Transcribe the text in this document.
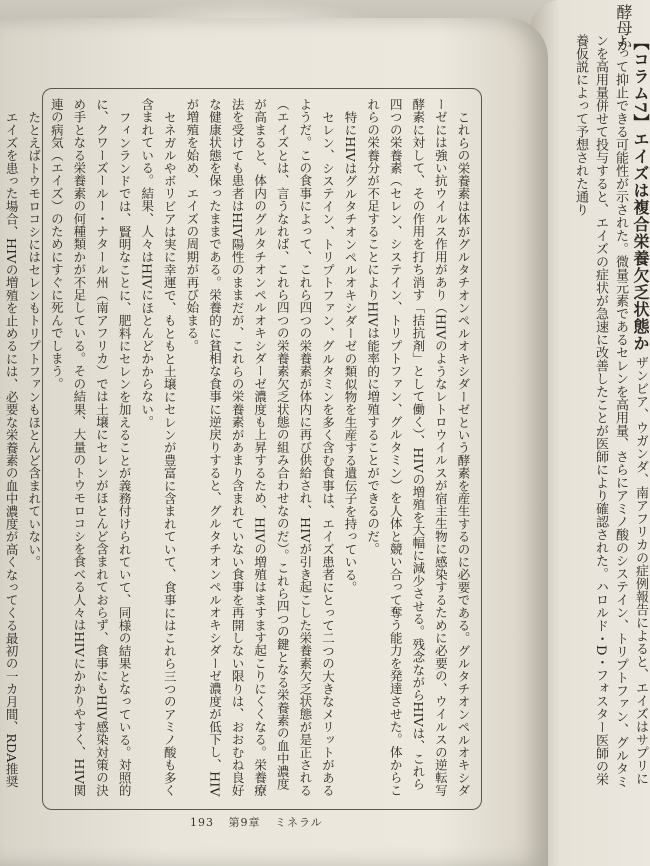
これらの栄養素は体がグルタチオンペルオキシダーゼという酵素を産生するのに必要である。グルタチオンペルオキシダーゼには強い抗ウイルス作用があり（HIVのようなレトロウイルスが宿主生物に感染するために必要の、ウイルスの逆転写酵素に対して、その作用を打ち消す「拮抗剤」として働く）、HIVの増殖を大幅に減少させる。残念ながらHIVは、これら四つの栄養素（セレン、システイン、トリプトファン、グルタミン）を人体と競い合って奪う能力を発達させた。体からこれらの栄養分が不足することによりHIVは能率的に増殖することができるのだ。

特にHIVはグルタチオンペルオキシダーゼの類似物を生産する遺伝子を持っている。

セレン、システイン、トリプトファン、グルタミンを多く含む食事は、エイズ患者にとって二つの大きなメリットがあるようだ。この食事によって、これら四つの栄養素が体内に再び供給され、HIVが引き起こした栄養素欠乏状態が是正される（エイズとは、言うなれば、これら四つの栄養素欠乏状態の組み合わせなのだ）。これら四つの鍵となる栄養素の血中濃度が高まると、体内のグルタチオンペルオキシダーゼ濃度も上昇するため、HIVの増殖はますます起こりにくくなる。栄養療法を受けても患者はHIV陽性のままだが、これらの栄養素があまり含まれていない食事を再開しない限りは、おおむね良好な健康状態を保ったままである。栄養的に貧相な食事に逆戻りすると、グルタチオンペルオキシダーゼ濃度が低下し、HIVが増殖を始め、エイズの周期が再び始まる。

セネガルやボリビアは実に幸運で、もともと土壌にセレンが豊富に含まれていて、食事にはこれら三つのアミノ酸も多く含まれている。結果、人々はHIVにほとんどかからない。

フィンランドでは、賢明なことに、肥料にセレンを加えることが義務付けられていて、同様の結果となっている。対照的に、クワーズールー・ナタール州（南アフリカ）では土壌にセレンがほとんど含まれておらず、食事にもHIV感染対策の決め手となる栄養素の何種類かが不足している。その結果、大量のトウモロコシを食べる人々はHIVにかかりやすく、HIV関連の病気（エイズ）のためにすぐに死んでしまう。

たとえばトウモロコシにはセレンもトリプトファンもほとんど含まれていない。

エイズを患った場合、HIVの増殖を止めるには、必要な栄養素の血中濃度が高くなってくる最初の一カ月間、RDA推奨

193 第9章 ミネラル
酵母か
【コラム7】エイズは複合栄養欠乏状態か ザンビア、ウガンダ、南アフリカの症例報告によると、エイズはサプリによって抑止できる可能性が示された。微量元素であるセレンを高用量、さらにアミノ酸のシステイン、トリプトファン、グルタミンを高用量併せて投与すると、エイズの症状が急速に改善したことが医師により確認された。ハロルド・D・フォスター医師の栄養仮説によって予想された通り
